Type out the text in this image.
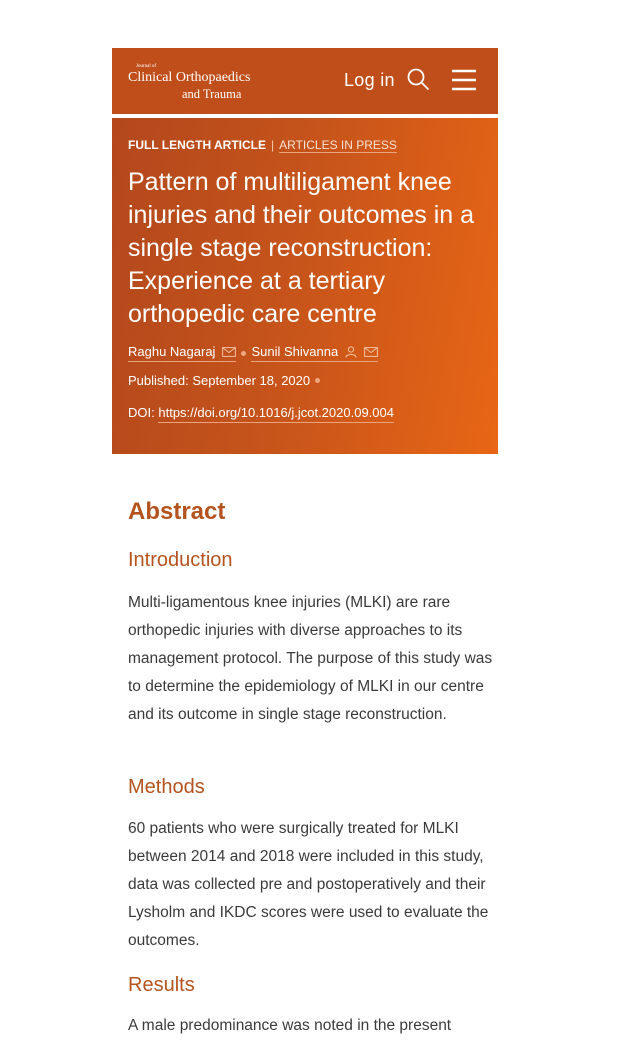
Journal of
Clinical Orthopaedics
and Trauma
Log in
FULL LENGTH ARTICLE | ARTICLES IN PRESS
Pattern of multiligament knee injuries and their outcomes in a single stage reconstruction: Experience at a tertiary orthopedic care centre
Raghu Nagaraj	Sunil Shivanna
Published: September 18, 2020
DOI: https://doi.org/10.1016/j.jcot.2020.09.004
Abstract
Introduction

Multi-ligamentous knee injuries (MLKI) are rare orthopedic injuries with diverse approaches to its management protocol. The purpose of this study was to determine the epidemiology of MLKI in our centre and its outcome in single stage reconstruction.

Methods

60 patients who were surgically treated for MLKI between 2014 and 2018 were included in this study, data was collected pre and postoperatively and their Lysholm and IKDC scores were used to evaluate the outcomes.

Results
A male predominance was noted in the present
